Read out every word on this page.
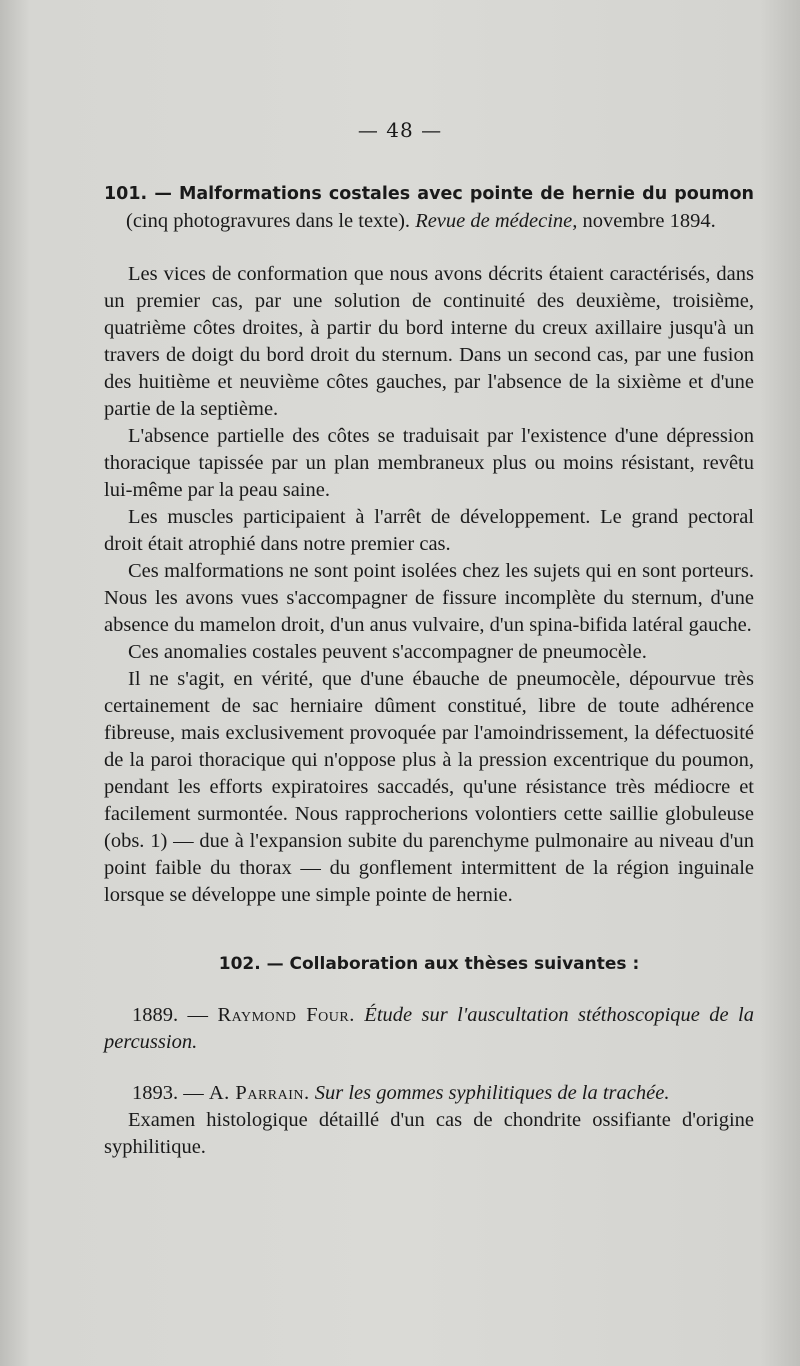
— 48 —

101. — Malformations costales avec pointe de hernie du poumon (cinq photogravures dans le texte). Revue de médecine, novembre 1894.

Les vices de conformation que nous avons décrits étaient caractérisés, dans un premier cas, par une solution de continuité des deuxième, troisième, quatrième côtes droites, à partir du bord interne du creux axillaire jusqu'à un travers de doigt du bord droit du sternum. Dans un second cas, par une fusion des huitième et neuvième côtes gauches, par l'absence de la sixième et d'une partie de la septième.

L'absence partielle des côtes se traduisait par l'existence d'une dépression thoracique tapissée par un plan membraneux plus ou moins résistant, revêtu lui-même par la peau saine.

Les muscles participaient à l'arrêt de développement. Le grand pectoral droit était atrophié dans notre premier cas.

Ces malformations ne sont point isolées chez les sujets qui en sont porteurs. Nous les avons vues s'accompagner de fissure incomplète du sternum, d'une absence du mamelon droit, d'un anus vulvaire, d'un spina-bifida latéral gauche.

Ces anomalies costales peuvent s'accompagner de pneumocèle.

Il ne s'agit, en vérité, que d'une ébauche de pneumocèle, dépourvue très certainement de sac herniaire dûment constitué, libre de toute adhérence fibreuse, mais exclusivement provoquée par l'amoindrissement, la défectuosité de la paroi thoracique qui n'oppose plus à la pression excentrique du poumon, pendant les efforts expiratoires saccadés, qu'une résistance très médiocre et facilement surmontée. Nous rapprocherions volontiers cette saillie globuleuse (obs. 1) — due à l'expansion subite du parenchyme pulmonaire au niveau d'un point faible du thorax — du gonflement intermittent de la région inguinale lorsque se développe une simple pointe de hernie.

102. — Collaboration aux thèses suivantes :

1889. — Raymond Four. Étude sur l'auscultation stéthoscopique de la percussion.

1893. — A. Parrain. Sur les gommes syphilitiques de la trachée.

Examen histologique détaillé d'un cas de chondrite ossifiante d'origine syphilitique.
